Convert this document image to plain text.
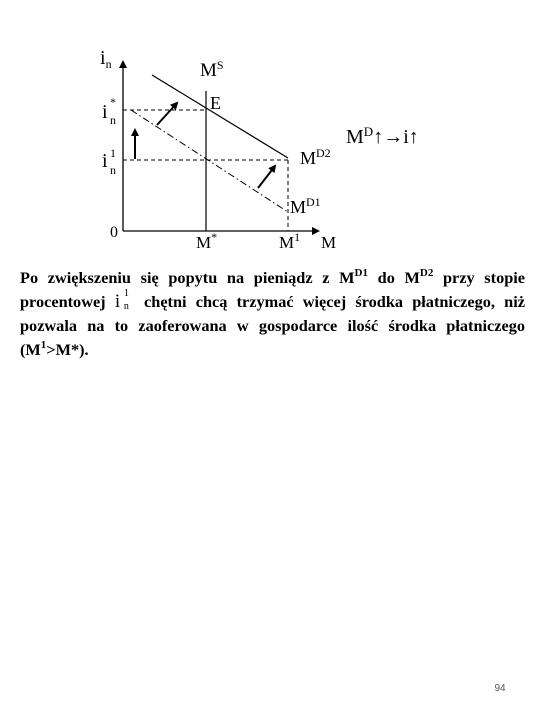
$i_n$	$M^S$
E
i * n
i 1 n
$M^D↑\to i↑$
$M^{D2}$
$M^{D1}$
0
M*	$M^1$ M

Po zwiększeniu się popytu na pieniądz z $M^{D1}$ do $M^{D2}$ przy stopie procentowej i 1
n chętni chcą trzymać więcej środka płatniczego, niż pozwala na to zaoferowana w gospodarce ilość środka płatniczego $(M^1>M*)$.

94
